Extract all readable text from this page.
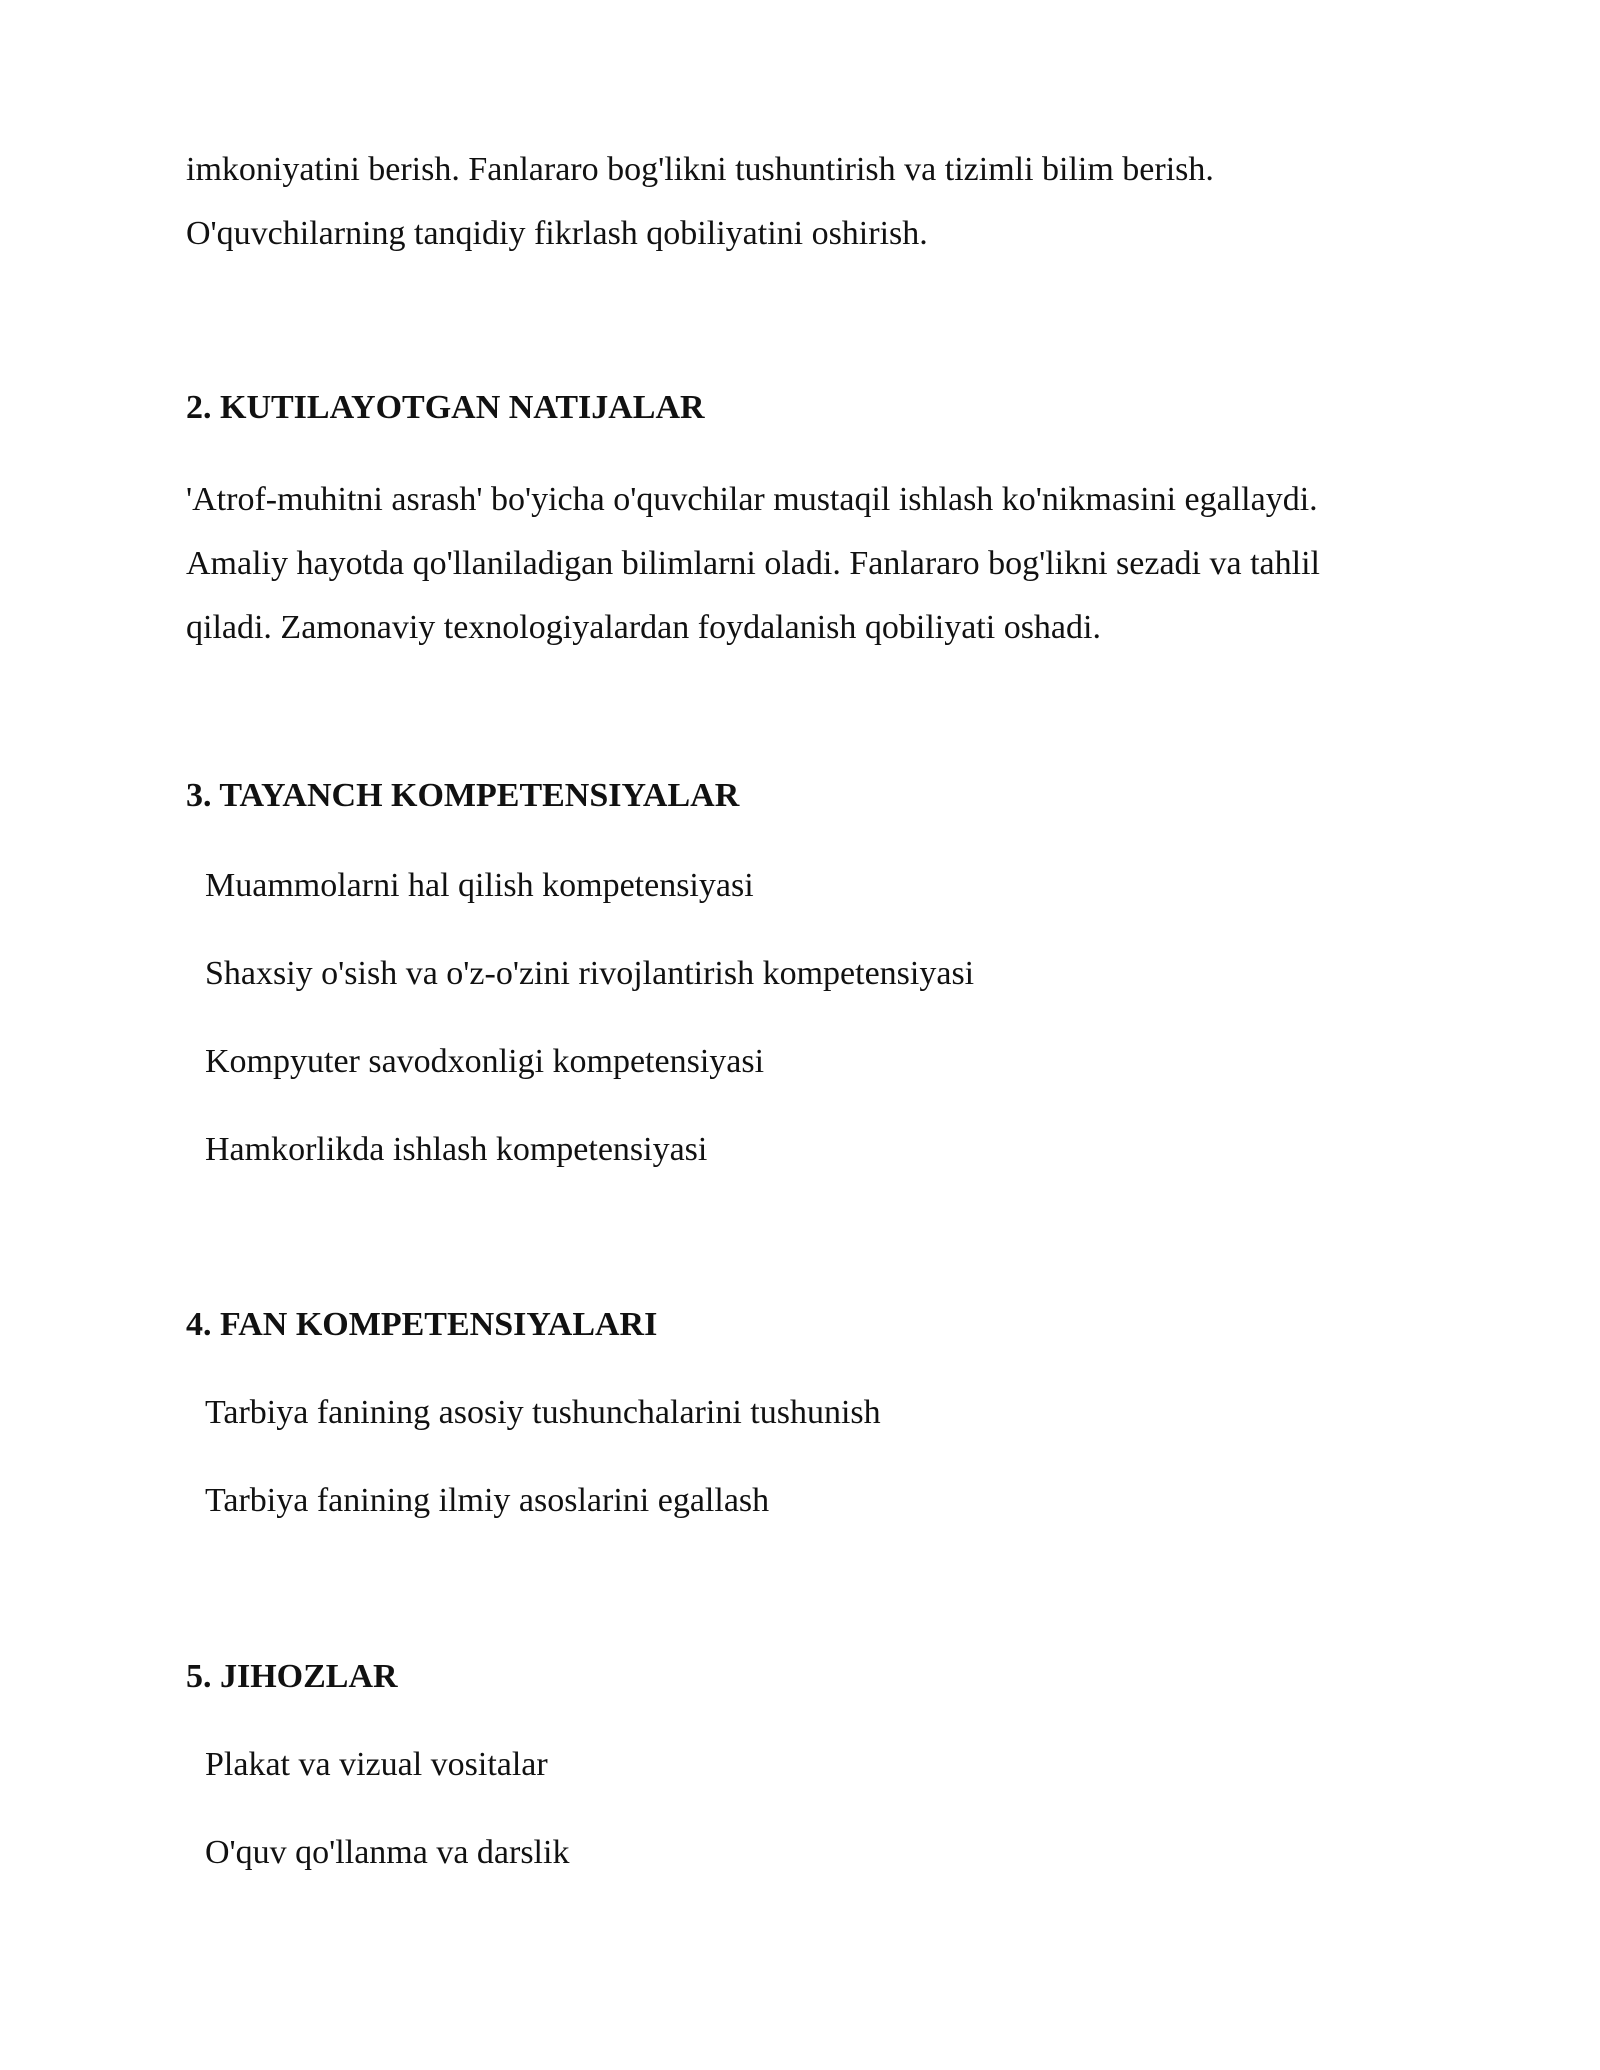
imkoniyatini berish. Fanlararo bog'likni tushuntirish va tizimli bilim berish.
O'quvchilarning tanqidiy fikrlash qobiliyatini oshirish.

2. KUTILAYOTGAN NATIJALAR

'Atrof-muhitni asrash' bo'yicha o'quvchilar mustaqil ishlash ko'nikmasini egallaydi.
Amaliy hayotda qo'llaniladigan bilimlarni oladi. Fanlararo bog'likni sezadi va tahlil
qiladi. Zamonaviy texnologiyalardan foydalanish qobiliyati oshadi.

3. TAYANCH KOMPETENSIYALAR
Muammolarni hal qilish kompetensiyasi
Shaxsiy o'sish va o'z-o'zini rivojlantirish kompetensiyasi
Kompyuter savodxonligi kompetensiyasi
Hamkorlikda ishlash kompetensiyasi
4. FAN KOMPETENSIYALARI
Tarbiya fanining asosiy tushunchalarini tushunish
Tarbiya fanining ilmiy asoslarini egallash
5. JIHOZLAR
Plakat va vizual vositalar
O'quv qo'llanma va darslik
